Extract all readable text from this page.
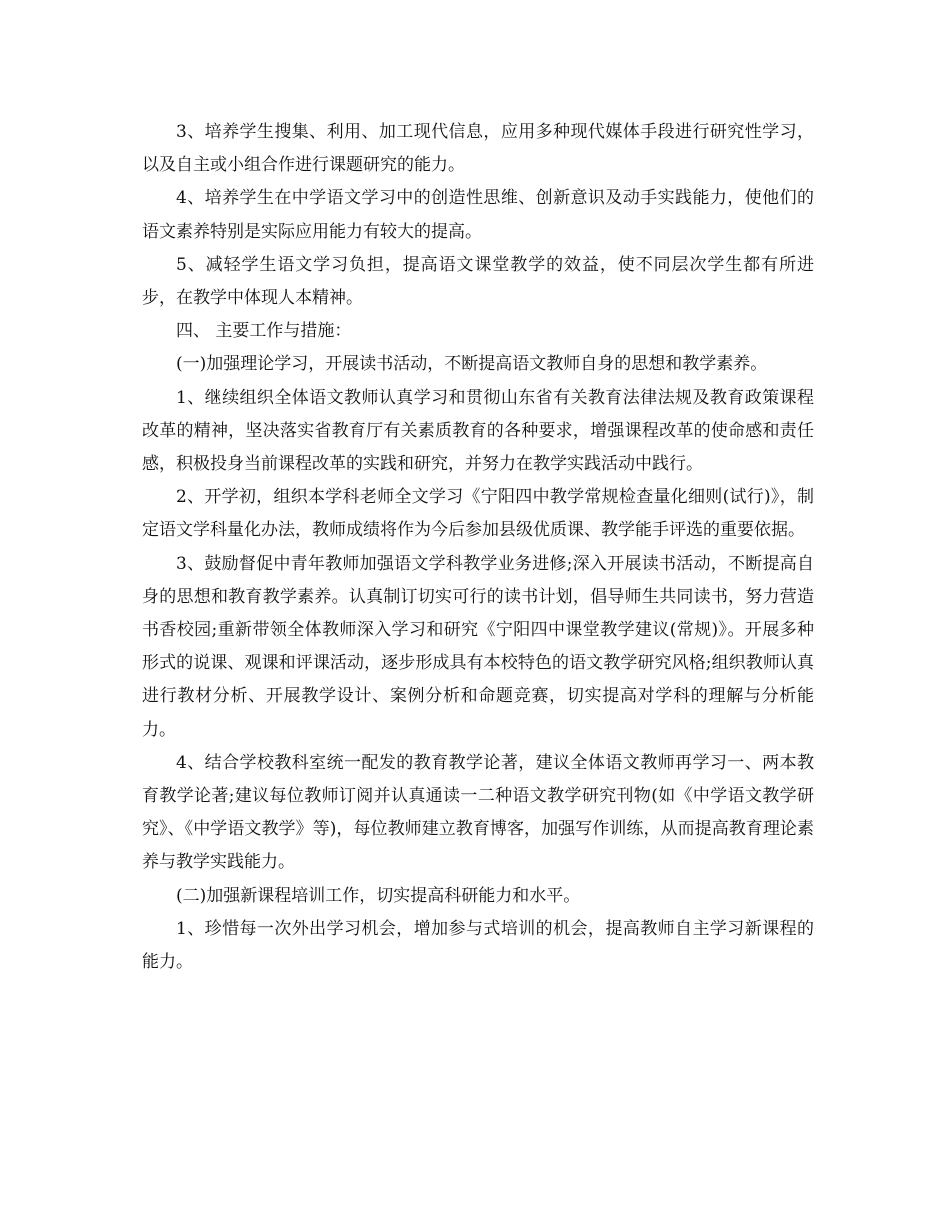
3、培养学生搜集、利用、加工现代信息，应用多种现代媒体手段进行研究性学习，以及自主或小组合作进行课题研究的能力。

4、培养学生在中学语文学习中的创造性思维、创新意识及动手实践能力，使他们的语文素养特别是实际应用能力有较大的提高。

5、减轻学生语文学习负担，提高语文课堂教学的效益，使不同层次学生都有所进步，在教学中体现人本精神。

四、 主要工作与措施：

(一)加强理论学习，开展读书活动，不断提高语文教师自身的思想和教学素养。

1、继续组织全体语文教师认真学习和贯彻山东省有关教育法律法规及教育政策课程改革的精神，坚决落实省教育厅有关素质教育的各种要求，增强课程改革的使命感和责任感，积极投身当前课程改革的实践和研究，并努力在教学实践活动中践行。

2、开学初，组织本学科老师全文学习《宁阳四中教学常规检查量化细则(试行)》，制定语文学科量化办法，教师成绩将作为今后参加县级优质课、教学能手评选的重要依据。

3、鼓励督促中青年教师加强语文学科教学业务进修;深入开展读书活动，不断提高自身的思想和教育教学素养。认真制订切实可行的读书计划，倡导师生共同读书，努力营造书香校园;重新带领全体教师深入学习和研究《宁阳四中课堂教学建议(常规)》。开展多种形式的说课、观课和评课活动，逐步形成具有本校特色的语文教学研究风格;组织教师认真进行教材分析、开展教学设计、案例分析和命题竞赛，切实提高对学科的理解与分析能力。

4、结合学校教科室统一配发的教育教学论著，建议全体语文教师再学习一、两本教育教学论著;建议每位教师订阅并认真通读一二种语文教学研究刊物(如《中学语文教学研究》、《中学语文教学》等)，每位教师建立教育博客，加强写作训练，从而提高教育理论素养与教学实践能力。

(二)加强新课程培训工作，切实提高科研能力和水平。

1、珍惜每一次外出学习机会，增加参与式培训的机会，提高教师自主学习新课程的能力。
